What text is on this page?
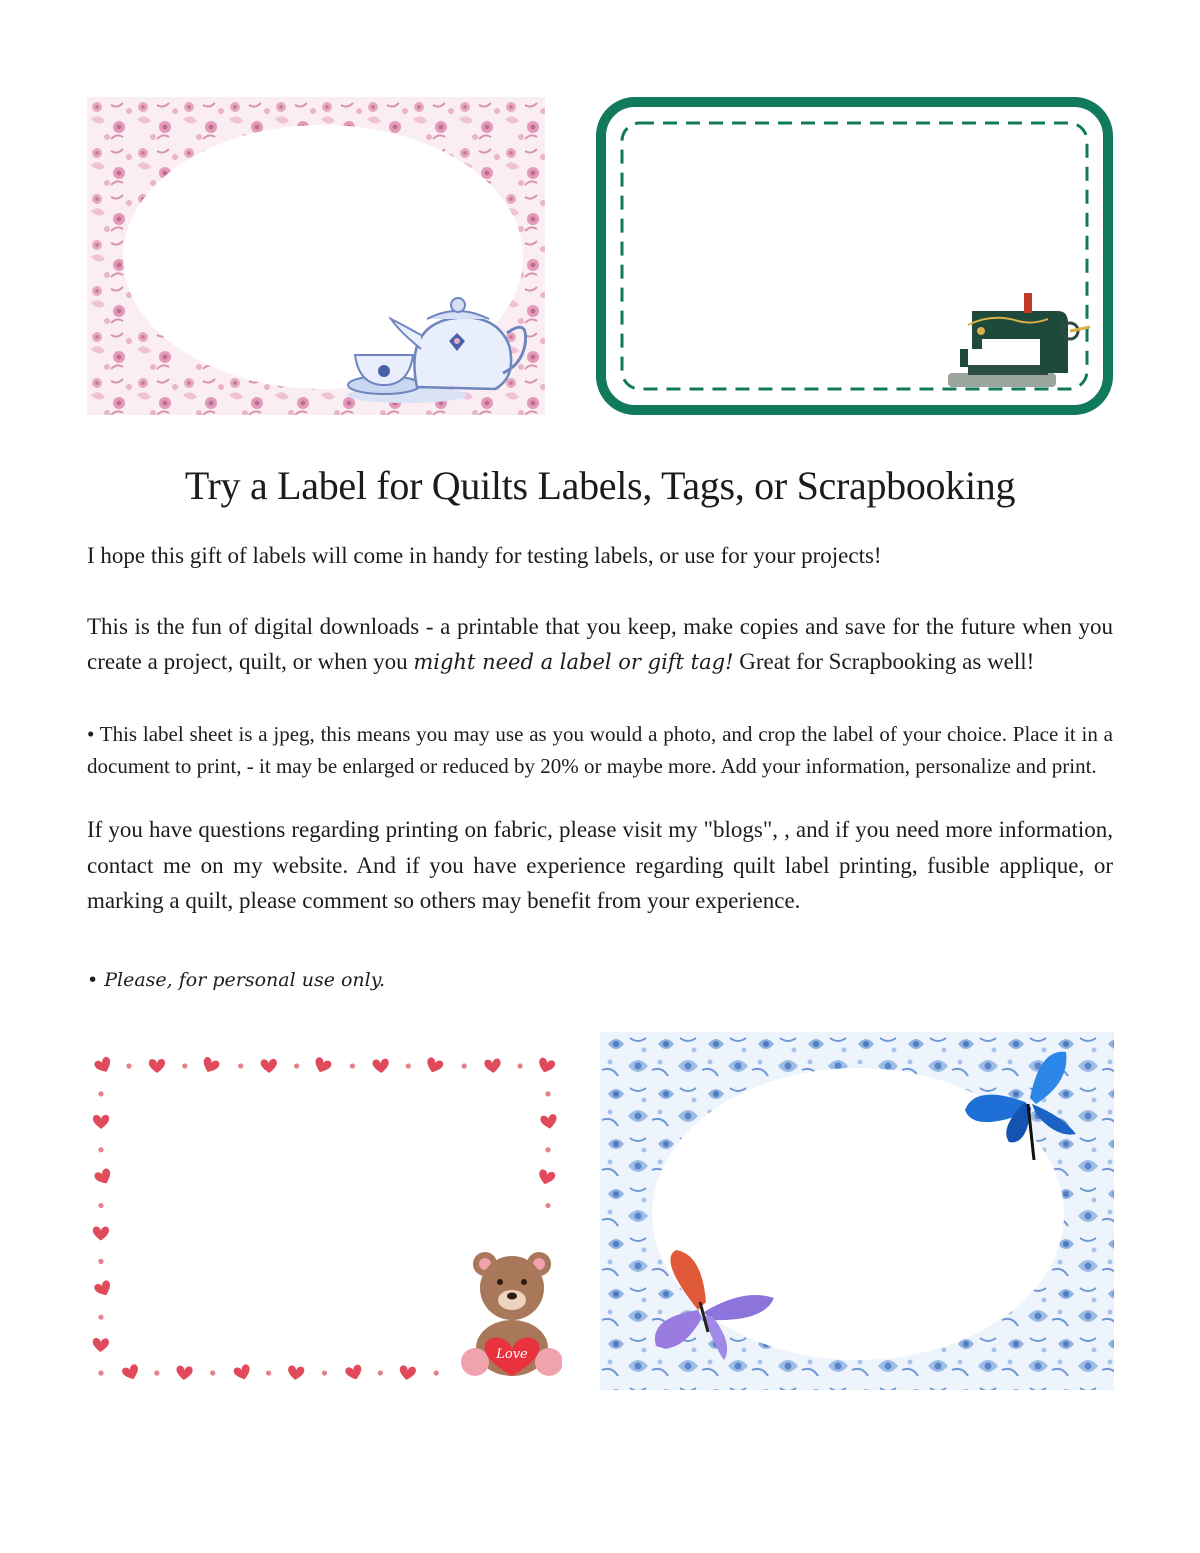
Try a Label for Quilts Labels, Tags, or Scrapbooking

I hope this gift of labels will come in handy for testing labels, or use for your projects!

This is the fun of digital downloads - a printable that you keep, make copies and save for the future when you create a project, quilt, or when you might need a label or gift tag! Great for Scrapbooking as well!

• This label sheet is a jpeg, this means you may use as you would a photo, and crop the label of your choice. Place it in a document to print, - it may be enlarged or reduced by 20% or maybe more. Add your information, personalize and print.

If you have questions regarding printing on fabric, please visit my "blogs", , and if you need more information, contact me on my website. And if you have experience regarding quilt label printing, fusible applique, or marking a quilt, please comment so others may benefit from your experience.

• Please, for personal use only.

Love
